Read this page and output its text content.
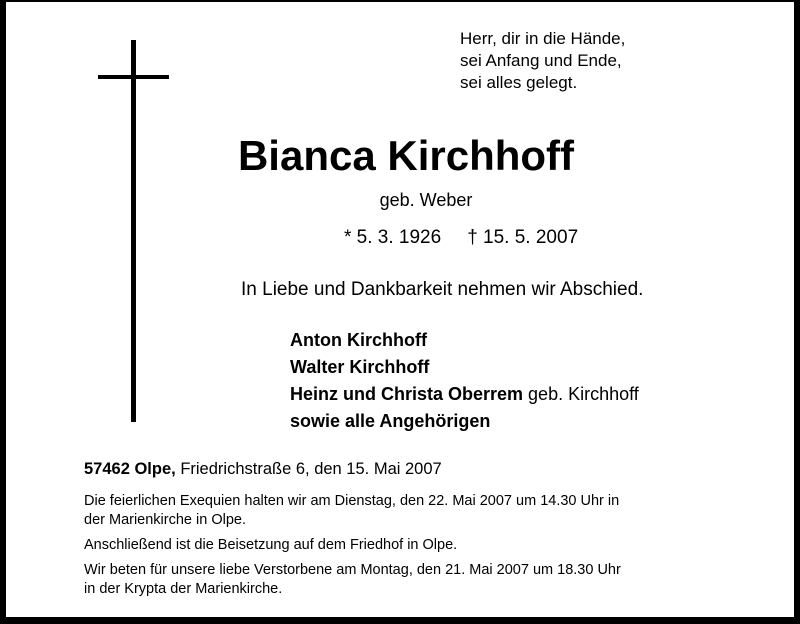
Herr, dir in die Hände,
sei Anfang und Ende,
sei alles gelegt.
Bianca Kirchhoff
geb. Weber
* 5. 3. 1926 † 15. 5. 2007
In Liebe und Dankbarkeit nehmen wir Abschied.
Anton Kirchhoff
Walter Kirchhoff
Heinz und Christa Oberrem geb. Kirchhoff
sowie alle Angehörigen
57462 Olpe, Friedrichstraße 6, den 15. Mai 2007
Die feierlichen Exequien halten wir am Dienstag, den 22. Mai 2007 um 14.30 Uhr in
der Marienkirche in Olpe.
Anschließend ist die Beisetzung auf dem Friedhof in Olpe.
Wir beten für unsere liebe Verstorbene am Montag, den 21. Mai 2007 um 18.30 Uhr
in der Krypta der Marienkirche.
